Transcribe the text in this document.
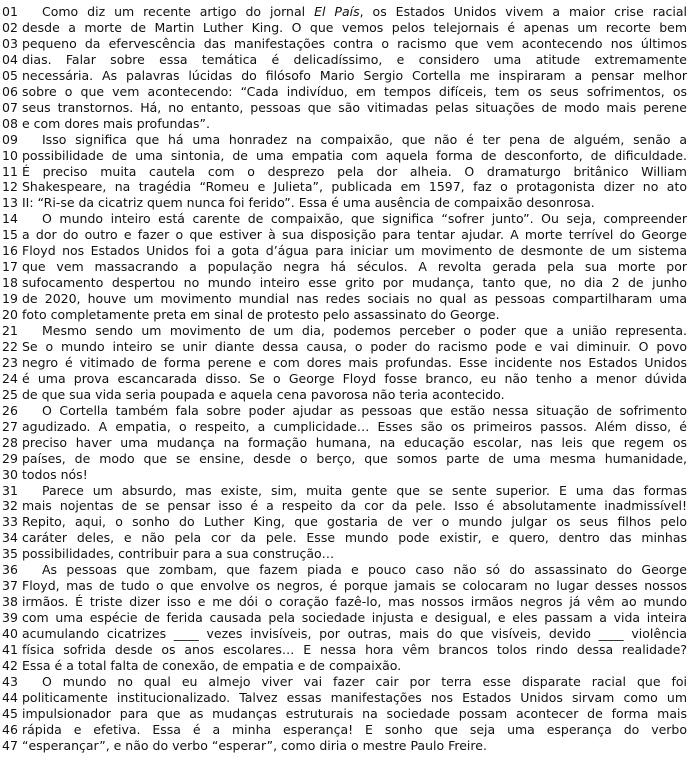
01	Como diz um recente artigo do jornal El País, os Estados Unidos vivem a maior crise racial
02 desde a morte de Martin Luther King. O que vemos pelos telejornais é apenas um recorte bem
03 pequeno da efervescência das manifestações contra o racismo que vem acontecendo nos últimos
04 dias. Falar sobre essa temática é delicadíssimo, e considero uma atitude extremamente
05 necessária. As palavras lúcidas do filósofo Mario Sergio Cortella me inspiraram a pensar melhor
06 sobre o que vem acontecendo: “Cada indivíduo, em tempos difíceis, tem os seus sofrimentos, os
07 seus transtornos. Há, no entanto, pessoas que são vitimadas pelas situações de modo mais perene
08 e com dores mais profundas”.
09	Isso significa que há uma honradez na compaixão, que não é ter pena de alguém, senão a
10 possibilidade de uma sintonia, de uma empatia com aquela forma de desconforto, de dificuldade.
11 É preciso muita cautela com o desprezo pela dor alheia. O dramaturgo britânico William
12 Shakespeare, na tragédia “Romeu e Julieta”, publicada em 1597, faz o protagonista dizer no ato
13 II: “Ri-se da cicatriz quem nunca foi ferido”. Essa é uma ausência de compaixão desonrosa.
14	O mundo inteiro está carente de compaixão, que significa “sofrer junto”. Ou seja, compreender
15 a dor do outro e fazer o que estiver à sua disposição para tentar ajudar. A morte terrível do George
16 Floyd nos Estados Unidos foi a gota d’água para iniciar um movimento de desmonte de um sistema
17 que vem massacrando a população negra há séculos. A revolta gerada pela sua morte por
18 sufocamento despertou no mundo inteiro esse grito por mudança, tanto que, no dia 2 de junho
19 de 2020, houve um movimento mundial nas redes sociais no qual as pessoas compartilharam uma
20 foto completamente preta em sinal de protesto pelo assassinato do George.
21	Mesmo sendo um movimento de um dia, podemos perceber o poder que a união representa.
22 Se o mundo inteiro se unir diante dessa causa, o poder do racismo pode e vai diminuir. O povo
23 negro é vitimado de forma perene e com dores mais profundas. Esse incidente nos Estados Unidos
24 é uma prova escancarada disso. Se o George Floyd fosse branco, eu não tenho a menor dúvida
25 de que sua vida seria poupada e aquela cena pavorosa não teria acontecido.
26	O Cortella também fala sobre poder ajudar as pessoas que estão nessa situação de sofrimento
27 agudizado. A empatia, o respeito, a cumplicidade… Esses são os primeiros passos. Além disso, é
28 preciso haver uma mudança na formação humana, na educação escolar, nas leis que regem os
29 países, de modo que se ensine, desde o berço, que somos parte de uma mesma humanidade,
30 todos nós!
31	Parece um absurdo, mas existe, sim, muita gente que se sente superior. E uma das formas
32 mais nojentas de se pensar isso é a respeito da cor da pele. Isso é absolutamente inadmissível!
33 Repito, aqui, o sonho do Luther King, que gostaria de ver o mundo julgar os seus filhos pelo
34 caráter deles, e não pela cor da pele. Esse mundo pode existir, e quero, dentro das minhas
35 possibilidades, contribuir para a sua construção…
36	As pessoas que zombam, que fazem piada e pouco caso não só do assassinato do George
37 Floyd, mas de tudo o que envolve os negros, é porque jamais se colocaram no lugar desses nossos
38 irmãos. É triste dizer isso e me dói o coração fazê-lo, mas nossos irmãos negros já vêm ao mundo
39 com uma espécie de ferida causada pela sociedade injusta e desigual, e eles passam a vida inteira
40 acumulando cicatrizes ____ vezes invisíveis, por outras, mais do que visíveis, devido ____ violência
41 física sofrida desde os anos escolares… E nessa hora vêm brancos tolos rindo dessa realidade?
42 Essa é a total falta de conexão, de empatia e de compaixão.
43	O mundo no qual eu almejo viver vai fazer cair por terra esse disparate racial que foi
44 politicamente institucionalizado. Talvez essas manifestações nos Estados Unidos sirvam como um
45 impulsionador para que as mudanças estruturais na sociedade possam acontecer de forma mais
46 rápida e efetiva. Essa é a minha esperança! E sonho que seja uma esperança do verbo
47 “esperançar”, e não do verbo “esperar”, como diria o mestre Paulo Freire.
